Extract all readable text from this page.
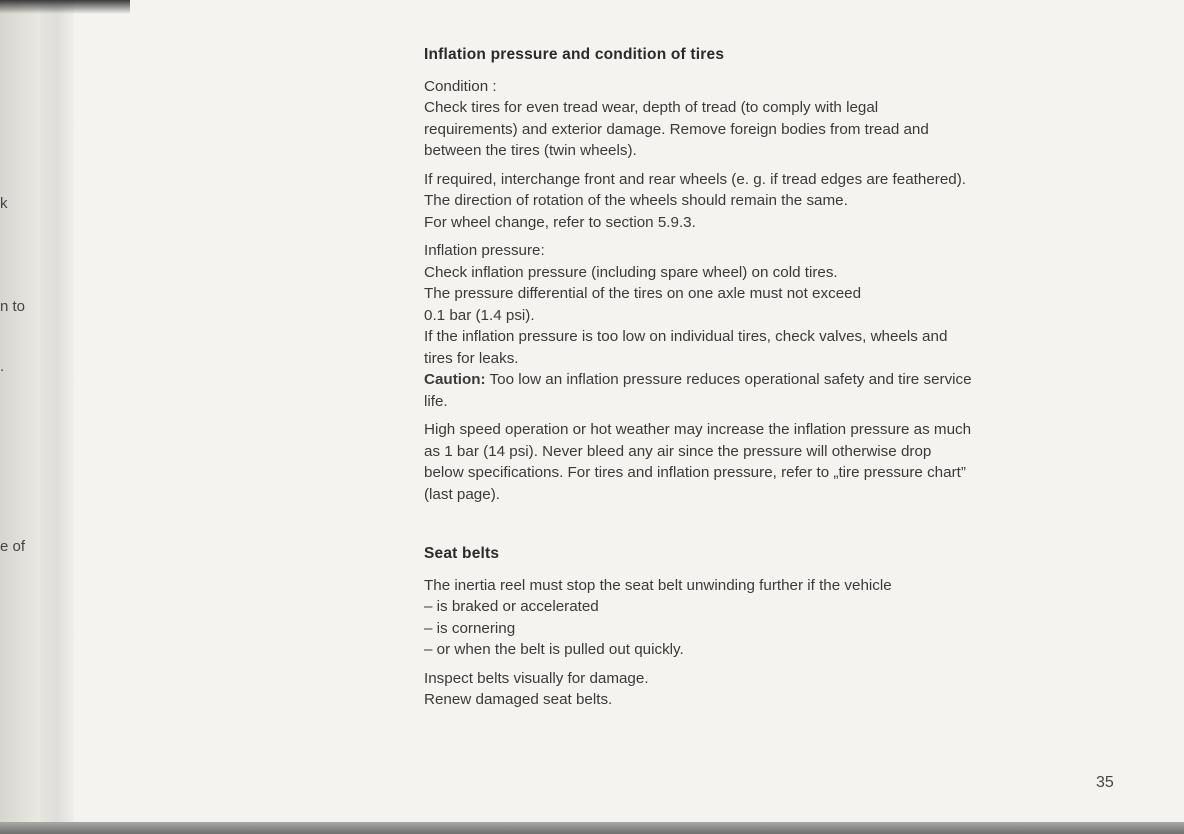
k
n to
.
e of
Inflation pressure and condition of tires

Condition :
Check tires for even tread wear, depth of tread (to comply with legal
requirements) and exterior damage. Remove foreign bodies from tread and
between the tires (twin wheels).

If required, interchange front and rear wheels (e. g. if tread edges are feathered).
The direction of rotation of the wheels should remain the same.
For wheel change, refer to section 5.9.3.

Inflation pressure:
Check inflation pressure (including spare wheel) on cold tires.
The pressure differential of the tires on one axle must not exceed
0.1 bar (1.4 psi).
If the inflation pressure is too low on individual tires, check valves, wheels and
tires for leaks.
Caution: Too low an inflation pressure reduces operational safety and tire service
life.

High speed operation or hot weather may increase the inflation pressure as much
as 1 bar (14 psi). Never bleed any air since the pressure will otherwise drop
below specifications. For tires and inflation pressure, refer to „tire pressure chart”
(last page).

Seat belts

The inertia reel must stop the seat belt unwinding further if the vehicle
– is braked or accelerated
– is cornering
– or when the belt is pulled out quickly.

Inspect belts visually for damage.
Renew damaged seat belts.

35
